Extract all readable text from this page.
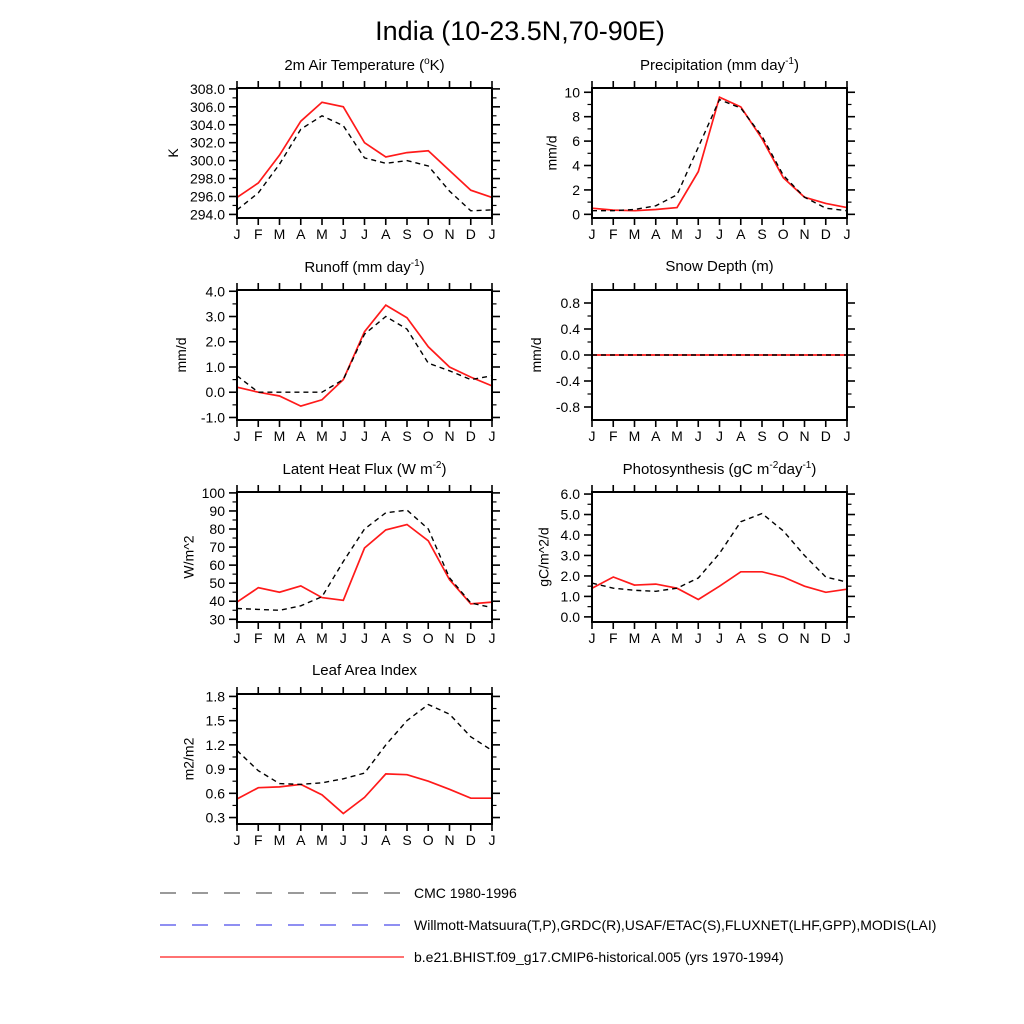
India (10-23.5N,70-90E)
2m Air Temperature ($^o$K)
294.0
296.0
298.0
300.0
302.0
304.0
306.0
308.0
J F M A M J J A S O N D J
K
Precipitation (mm day$^{-1}$)
0
2
4
6
8
10
J F M A M J J A S O N D J
mm/d
Runoff (mm day$^{-1}$)
-1.0
0.0
1.0
2.0
3.0
4.0
J F M A M J J A S O N D J
mm/d
Snow Depth (m)
-0.8
-0.4
0.0
0.4
0.8
J F M A M J J A S O N D J
mm/d
Latent Heat Flux (W $m^{-2}$)
30
40
50
60
70
80
90
100
J F M A M J J A S O N D J
W/m^2
Photosynthesis (gC $m^{-2}day^{-1}$)
0.0
1.0
2.0
3.0
4.0
5.0
6.0
J F M A M J J A S O N D J
gC/m^2/d
Leaf Area Index
0.3
0.6
0.9
1.2
1.5
1.8
J F M A M J J A S O N D J
m2/m2
CMC 1980-1996
Willmott-Matsuura(T,P),GRDC(R),USAF/ETAC(S),FLUXNET(LHF,GPP),MODIS(LAI)
b.e21.BHIST.f09_g17.CMIP6-historical.005 (yrs 1970-1994)
